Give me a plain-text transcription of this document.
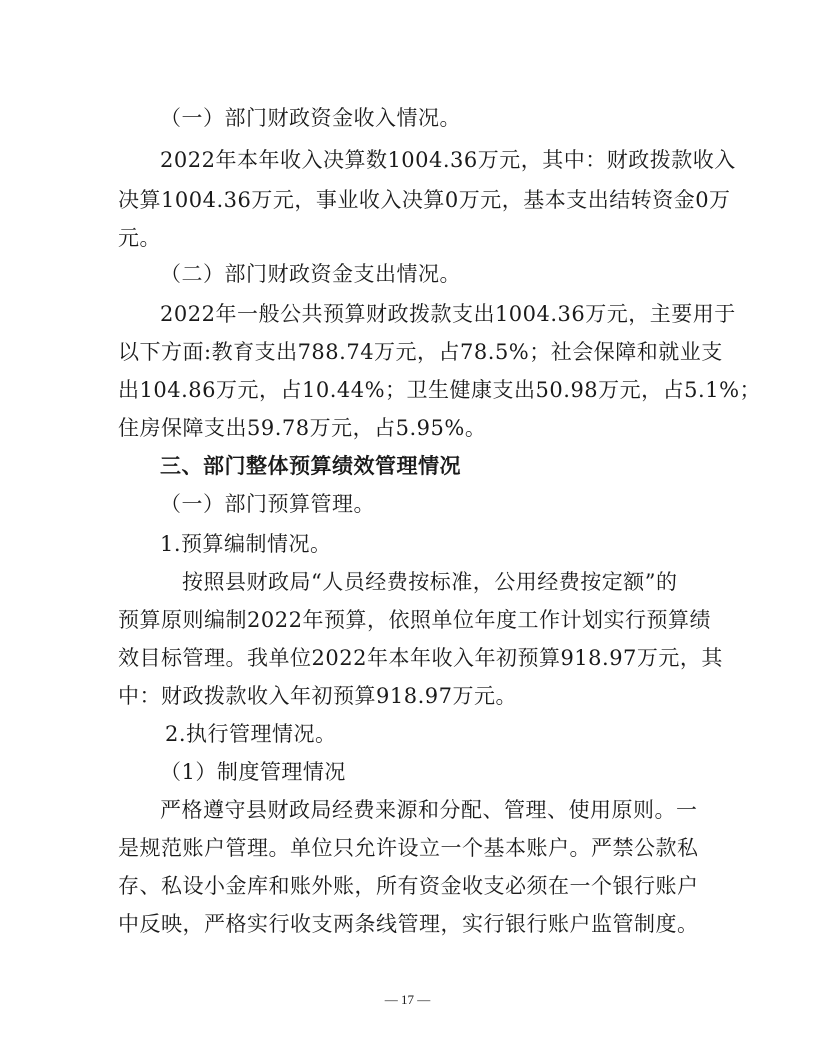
（一）部门财政资金收入情况。
2022年本年收入决算数1004.36万元，其中：财政拨款收入
决算1004.36万元，事业收入决算0万元，基本支出结转资金0万
元。
（二）部门财政资金支出情况。
2022年一般公共预算财政拨款支出1004.36万元，主要用于
以下方面:教育支出788.74万元，占78.5%；社会保障和就业支
出104.86万元，占10.44%；卫生健康支出50.98万元，占5.1%；
住房保障支出59.78万元，占5.95%。
三、部门整体预算绩效管理情况
（一）部门预算管理。
1.预算编制情况。
按照县财政局“人员经费按标准，公用经费按定额”的
预算原则编制2022年预算，依照单位年度工作计划实行预算绩
效目标管理。我单位2022年本年收入年初预算918.97万元，其
中：财政拨款收入年初预算918.97万元。
2.执行管理情况。
（1）制度管理情况
严格遵守县财政局经费来源和分配、管理、使用原则。一
是规范账户管理。单位只允许设立一个基本账户。严禁公款私
存、私设小金库和账外账，所有资金收支必须在一个银行账户
中反映，严格实行收支两条线管理，实行银行账户监管制度。
— 17 —
